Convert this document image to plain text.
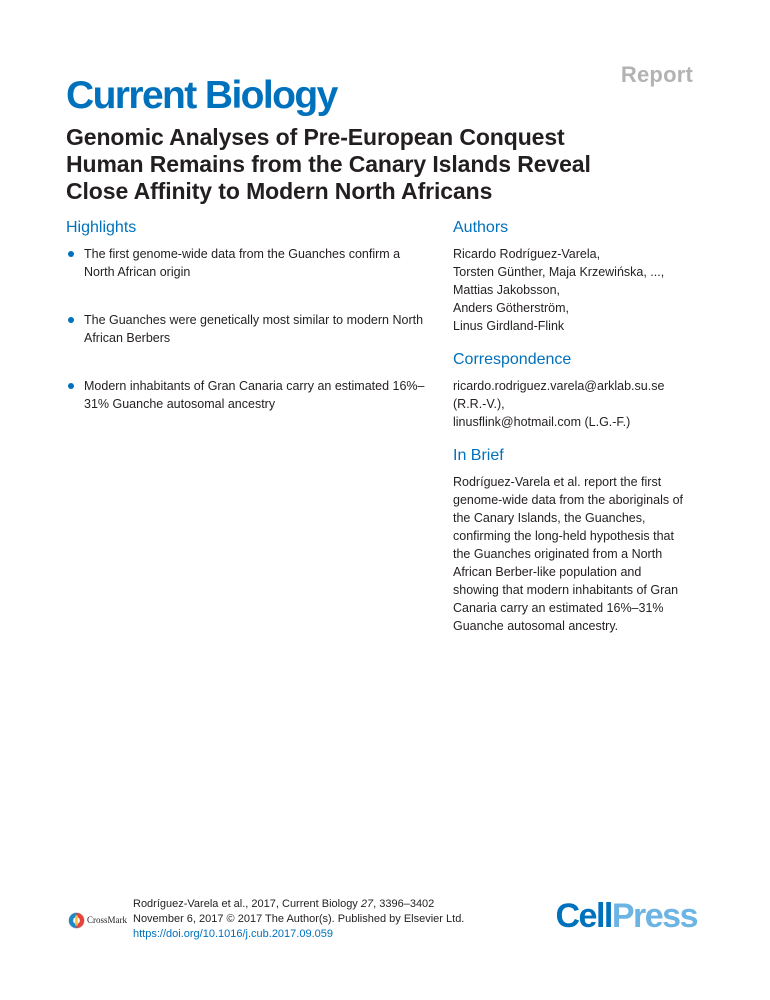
Report
Current Biology
Genomic Analyses of Pre-European Conquest
Human Remains from the Canary Islands Reveal
Close Affinity to Modern North Africans
Highlights
The first genome-wide data from the Guanches confirm a
North African origin
The Guanches were genetically most similar to modern North
African Berbers
Modern inhabitants of Gran Canaria carry an estimated 16%–
31% Guanche autosomal ancestry
Authors
Ricardo Rodríguez-Varela,
Torsten Günther, Maja Krzewińska, ...,
Mattias Jakobsson,
Anders Götherström,
Linus Girdland-Flink
Correspondence
ricardo.rodriguez.varela@arklab.su.se
(R.R.-V.),
linusflink@hotmail.com (L.G.-F.)
In Brief

Rodríguez-Varela et al. report the first
genome-wide data from the aboriginals of
the Canary Islands, the Guanches,
confirming the long-held hypothesis that
the Guanches originated from a North
African Berber-like population and
showing that modern inhabitants of Gran
Canaria carry an estimated 16%–31%
Guanche autosomal ancestry.

CrossMark
Rodríguez-Varela et al., 2017, Current Biology 27, 3396–3402
November 6, 2017 © 2017 The Author(s). Published by Elsevier Ltd.
https://doi.org/10.1016/j.cub.2017.09.059	CellPress
